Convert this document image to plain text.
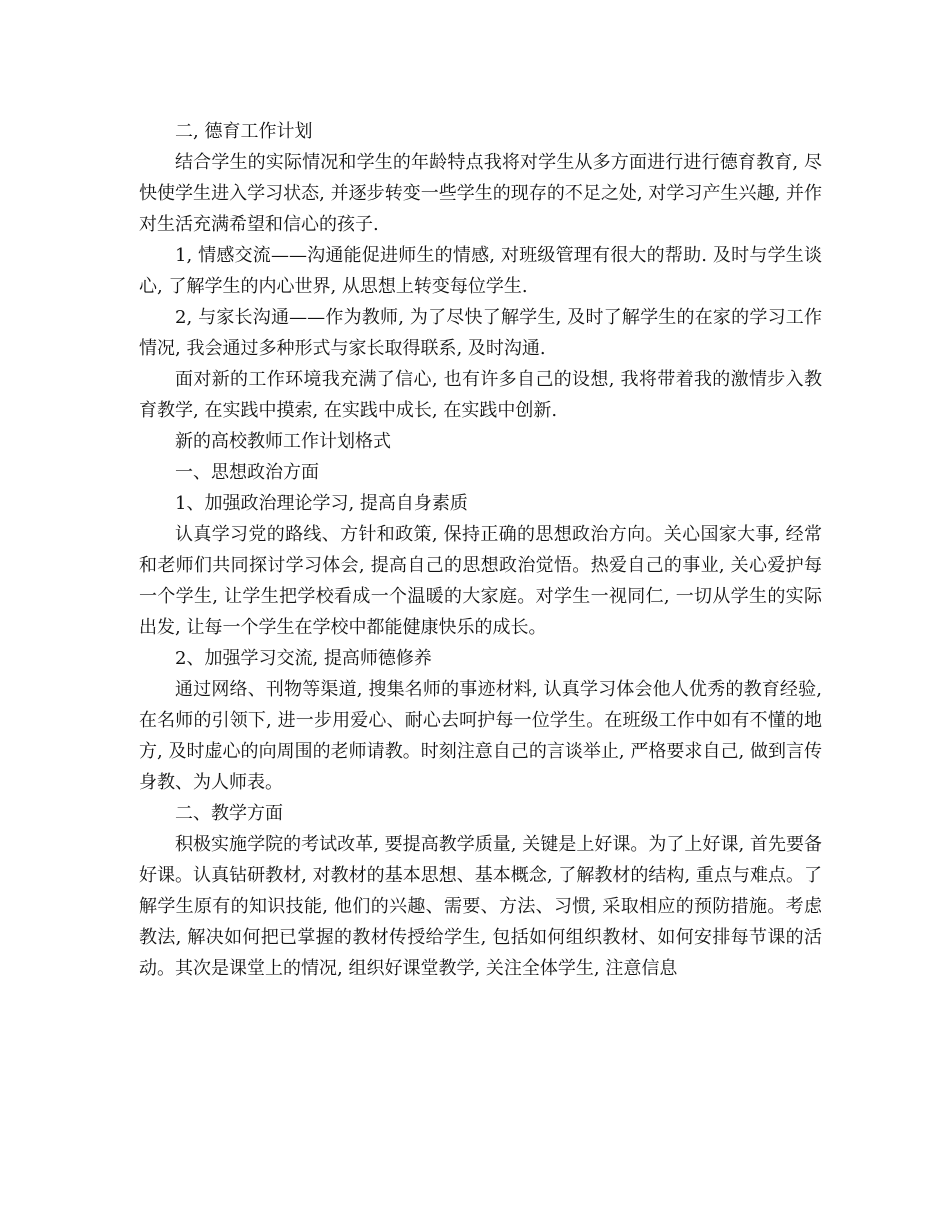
二, 德育工作计划

结合学生的实际情况和学生的年龄特点我将对学生从多方面进行进行德育教育, 尽快使学生进入学习状态, 并逐步转变一些学生的现存的不足之处, 对学习产生兴趣, 并作对生活充满希望和信心的孩子.

1, 情感交流——沟通能促进师生的情感, 对班级管理有很大的帮助. 及时与学生谈心, 了解学生的内心世界, 从思想上转变每位学生.

2, 与家长沟通——作为教师, 为了尽快了解学生, 及时了解学生的在家的学习工作情况, 我会通过多种形式与家长取得联系, 及时沟通.

面对新的工作环境我充满了信心, 也有许多自己的设想, 我将带着我的激情步入教育教学, 在实践中摸索, 在实践中成长, 在实践中创新.

新的高校教师工作计划格式

一、思想政治方面

1、加强政治理论学习, 提高自身素质

认真学习党的路线、方针和政策, 保持正确的思想政治方向。关心国家大事, 经常和老师们共同探讨学习体会, 提高自己的思想政治觉悟。热爱自己的事业, 关心爱护每一个学生, 让学生把学校看成一个温暖的大家庭。对学生一视同仁, 一切从学生的实际出发, 让每一个学生在学校中都能健康快乐的成长。

2、加强学习交流, 提高师德修养

通过网络、刊物等渠道, 搜集名师的事迹材料, 认真学习体会他人优秀的教育经验, 在名师的引领下, 进一步用爱心、耐心去呵护每一位学生。在班级工作中如有不懂的地方, 及时虚心的向周围的老师请教。时刻注意自己的言谈举止, 严格要求自己, 做到言传身教、为人师表。

二、教学方面

积极实施学院的考试改革, 要提高教学质量, 关键是上好课。为了上好课, 首先要备好课。认真钻研教材, 对教材的基本思想、基本概念, 了解教材的结构, 重点与难点。了解学生原有的知识技能, 他们的兴趣、需要、方法、习惯, 采取相应的预防措施。考虑教法, 解决如何把已掌握的教材传授给学生, 包括如何组织教材、如何安排每节课的活动。其次是课堂上的情况, 组织好课堂教学, 关注全体学生, 注意信息
